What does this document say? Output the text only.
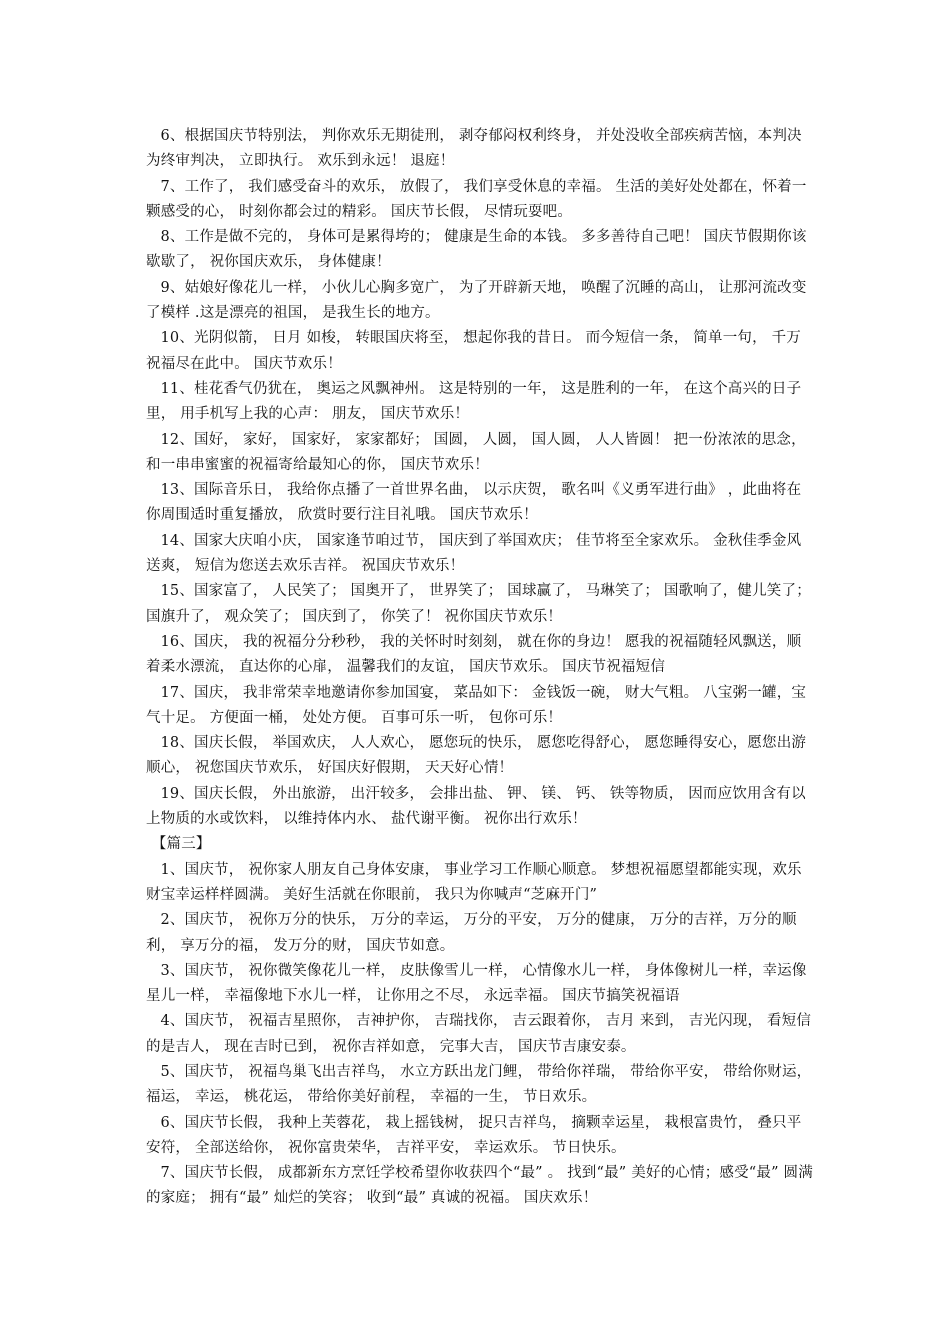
6、根据国庆节特别法， 判你欢乐无期徒刑， 剥夺郁闷权利终身， 并处没收全部疾病苦恼，本判决为终审判决， 立即执行。 欢乐到永远！ 退庭！

7、工作了， 我们感受奋斗的欢乐， 放假了， 我们享受休息的幸福。 生活的美好处处都在，怀着一颗感受的心， 时刻你都会过的精彩。 国庆节长假， 尽情玩耍吧。

8、工作是做不完的， 身体可是累得垮的； 健康是生命的本钱。 多多善待自己吧！ 国庆节假期你该歇歇了， 祝你国庆欢乐， 身体健康！

9、姑娘好像花儿一样， 小伙儿心胸多宽广， 为了开辟新天地， 唤醒了沉睡的高山， 让那河流改变了模样 .这是漂亮的祖国， 是我生长的地方。

10、光阴似箭， 日月 如梭， 转眼国庆将至， 想起你我的昔日。 而今短信一条， 简单一句， 千万祝福尽在此中。 国庆节欢乐！

11、桂花香气仍犹在， 奥运之风飘神州。 这是特别的一年， 这是胜利的一年， 在这个高兴的日子里， 用手机写上我的心声： 朋友， 国庆节欢乐！

12、国好， 家好， 国家好， 家家都好； 国圆， 人圆， 国人圆， 人人皆圆！ 把一份浓浓的思念，和一串串蜜蜜的祝福寄给最知心的你， 国庆节欢乐！

13、国际音乐日， 我给你点播了一首世界名曲， 以示庆贺， 歌名叫《义勇军进行曲》 ，此曲将在你周围适时重复播放， 欣赏时要行注目礼哦。 国庆节欢乐！

14、国家大庆咱小庆， 国家逢节咱过节， 国庆到了举国欢庆； 佳节将至全家欢乐。 金秋佳季金风送爽， 短信为您送去欢乐吉祥。 祝国庆节欢乐！

15、国家富了， 人民笑了； 国奥开了， 世界笑了； 国球赢了， 马琳笑了； 国歌响了，健儿笑了； 国旗升了， 观众笑了； 国庆到了， 你笑了！ 祝你国庆节欢乐！

16、国庆， 我的祝福分分秒秒， 我的关怀时时刻刻， 就在你的身边！ 愿我的祝福随轻风飘送，顺着柔水漂流， 直达你的心扉， 温馨我们的友谊， 国庆节欢乐。 国庆节祝福短信

17、国庆， 我非常荣幸地邀请你参加国宴， 菜品如下： 金钱饭一碗， 财大气粗。 八宝粥一罐，宝气十足。 方便面一桶， 处处方便。 百事可乐一听， 包你可乐！

18、国庆长假， 举国欢庆， 人人欢心， 愿您玩的快乐， 愿您吃得舒心， 愿您睡得安心，愿您出游顺心， 祝您国庆节欢乐， 好国庆好假期， 天天好心情！

19、国庆长假， 外出旅游， 出汗较多， 会排出盐、 钾、 镁、 钙、 铁等物质， 因而应饮用含有以上物质的水或饮料， 以维持体内水、 盐代谢平衡。 祝你出行欢乐！

【篇三】

1、国庆节， 祝你家人朋友自己身体安康， 事业学习工作顺心顺意。 梦想祝福愿望都能实现，欢乐财宝幸运样样圆满。 美好生活就在你眼前， 我只为你喊声“芝麻开门”

2、国庆节， 祝你万分的快乐， 万分的幸运， 万分的平安， 万分的健康， 万分的吉祥，万分的顺利， 享万分的福， 发万分的财， 国庆节如意。

3、国庆节， 祝你微笑像花儿一样， 皮肤像雪儿一样， 心情像水儿一样， 身体像树儿一样，幸运像星儿一样， 幸福像地下水儿一样， 让你用之不尽， 永远幸福。 国庆节搞笑祝福语

4、国庆节， 祝福吉星照你， 吉神护你， 吉瑞找你， 吉云跟着你， 吉月 来到， 吉光闪现， 看短信的是吉人， 现在吉时已到， 祝你吉祥如意， 完事大吉， 国庆节吉康安泰。

5、国庆节， 祝福鸟巢飞出吉祥鸟， 水立方跃出龙门鲤， 带给你祥瑞， 带给你平安， 带给你财运， 福运， 幸运， 桃花运， 带给你美好前程， 幸福的一生， 节日欢乐。

6、国庆节长假， 我种上芙蓉花， 栽上摇钱树， 捉只吉祥鸟， 摘颗幸运星， 栽根富贵竹， 叠只平安符， 全部送给你， 祝你富贵荣华， 吉祥平安， 幸运欢乐。 节日快乐。

7、国庆节长假， 成都新东方烹饪学校希望你收获四个“最” 。 找到“最” 美好的心情；感受“最” 圆满的家庭； 拥有“最” 灿烂的笑容； 收到“最” 真诚的祝福。 国庆欢乐！
